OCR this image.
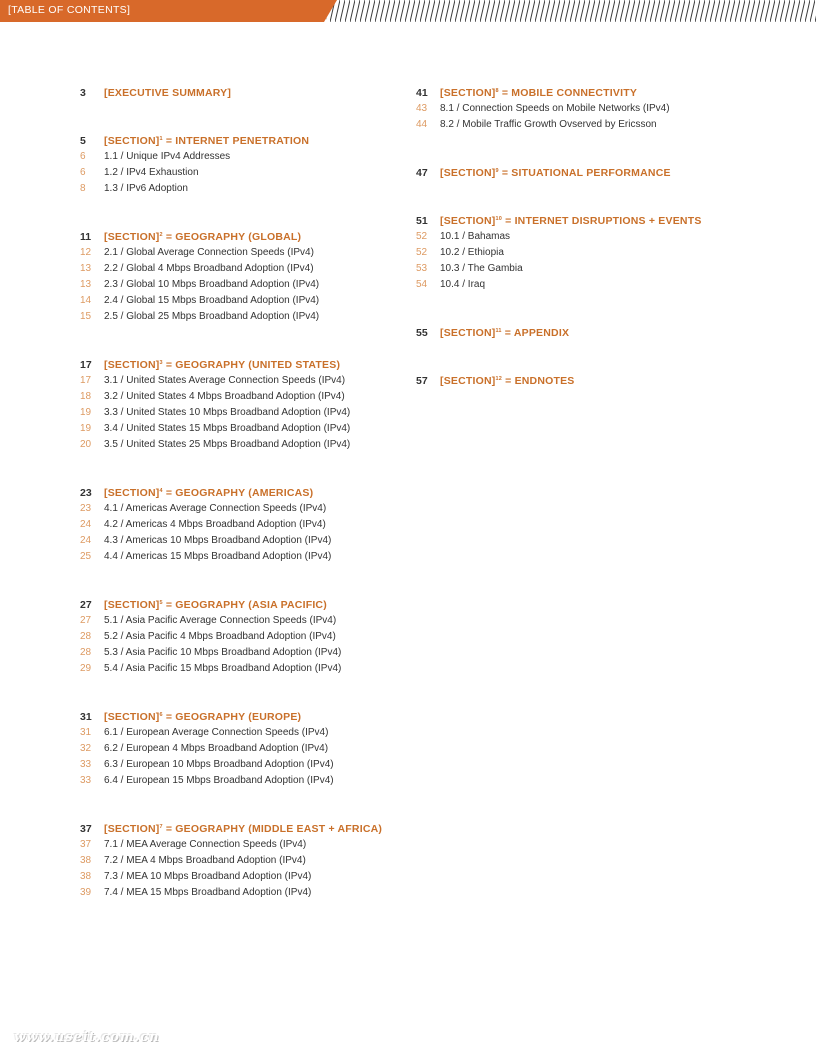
[TABLE OF CONTENTS]
3	[EXECUTIVE SUMMARY]
5	[SECTION]$^1$ = INTERNET PENETRATION
6	1.1 / Unique IPv4 Addresses
6	1.2 / IPv4 Exhaustion
8	1.3 / IPv6 Adoption
11	[SECTION]$^2$ = GEOGRAPHY (GLOBAL)
12	2.1 / Global Average Connection Speeds (IPv4)
13	2.2 / Global 4 Mbps Broadband Adoption (IPv4)
13	2.3 / Global 10 Mbps Broadband Adoption (IPv4)
14	2.4 / Global 15 Mbps Broadband Adoption (IPv4)
15	2.5 / Global 25 Mbps Broadband Adoption (IPv4)
17	[SECTION]$^3$ = GEOGRAPHY (UNITED STATES)
17	3.1 / United States Average Connection Speeds (IPv4)
18	3.2 / United States 4 Mbps Broadband Adoption (IPv4)
19	3.3 / United States 10 Mbps Broadband Adoption (IPv4)
19	3.4 / United States 15 Mbps Broadband Adoption (IPv4)
20	3.5 / United States 25 Mbps Broadband Adoption (IPv4)
23	[SECTION]$^4$ = GEOGRAPHY (AMERICAS)
23	4.1 / Americas Average Connection Speeds (IPv4)
24	4.2 / Americas 4 Mbps Broadband Adoption (IPv4)
24	4.3 / Americas 10 Mbps Broadband Adoption (IPv4)
25	4.4 / Americas 15 Mbps Broadband Adoption (IPv4)
27	[SECTION]$^5$ = GEOGRAPHY (ASIA PACIFIC)
27	5.1 / Asia Pacific Average Connection Speeds (IPv4)
28	5.2 / Asia Pacific 4 Mbps Broadband Adoption (IPv4)
28	5.3 / Asia Pacific 10 Mbps Broadband Adoption (IPv4)
29	5.4 / Asia Pacific 15 Mbps Broadband Adoption (IPv4)
31	[SECTION]$^6$ = GEOGRAPHY (EUROPE)
31	6.1 / European Average Connection Speeds (IPv4)
32	6.2 / European 4 Mbps Broadband Adoption (IPv4)
33	6.3 / European 10 Mbps Broadband Adoption (IPv4)
33	6.4 / European 15 Mbps Broadband Adoption (IPv4)
37	[SECTION]$^7$ = GEOGRAPHY (MIDDLE EAST + AFRICA)
37	7.1 / MEA Average Connection Speeds (IPv4)
38	7.2 / MEA 4 Mbps Broadband Adoption (IPv4)
38	7.3 / MEA 10 Mbps Broadband Adoption (IPv4)
39	7.4 / MEA 15 Mbps Broadband Adoption (IPv4)
41	[SECTION]$^8$ = MOBILE CONNECTIVITY
43	8.1 / Connection Speeds on Mobile Networks (IPv4)
44	8.2 / Mobile Traffic Growth Ovserved by Ericsson
47	[SECTION]$^9$ = SITUATIONAL PERFORMANCE
51	[SECTION]$^{10}$ = INTERNET DISRUPTIONS + EVENTS
52	10.1 / Bahamas
52	10.2 / Ethiopia
53	10.3 / The Gambia
54	10.4 / Iraq
55	[SECTION]$^{11}$ = APPENDIX
57	[SECTION]$^{12}$ = ENDNOTES
www.useit.com.cn
